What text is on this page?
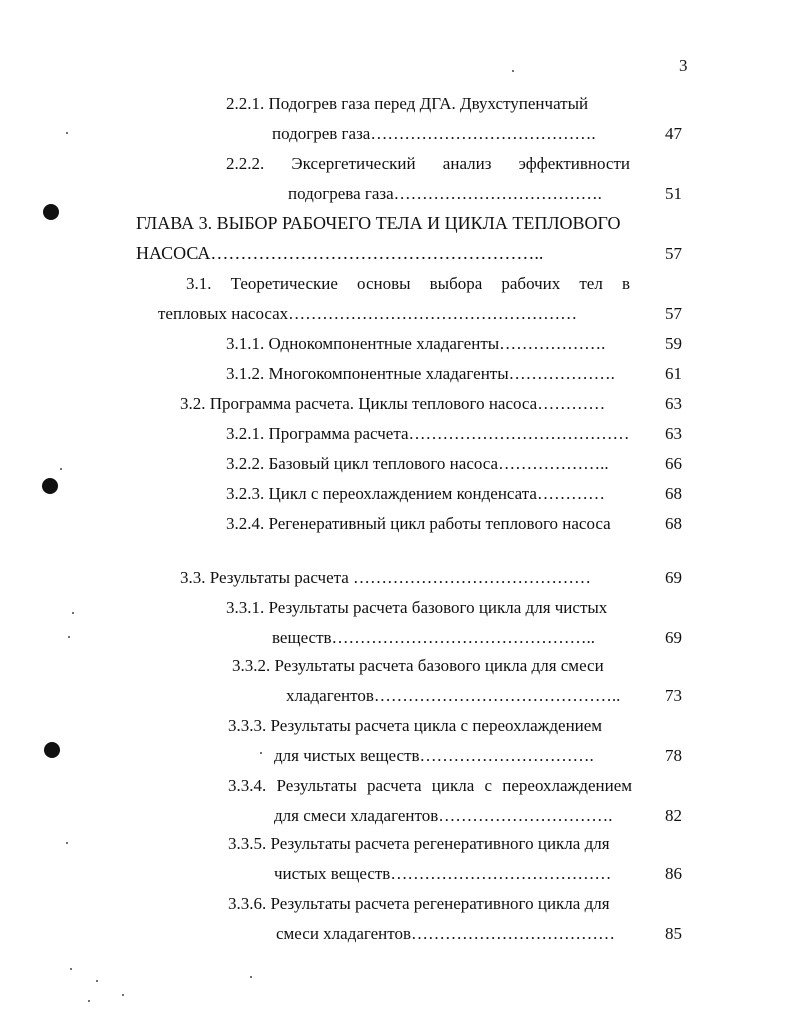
3
2.2.1. Подогрев газа перед ДГА. Двухступенчатый
подогрев газа………………………………….	47
2.2.2. Эксергетический анализ эффективности
подогрева газа……………………………….	51
ГЛАВА 3. ВЫБОР РАБОЧЕГО ТЕЛА И ЦИКЛА ТЕПЛОВОГО
НАСОСА………………………………………………..	57
3.1. Теоретические основы выбора рабочих тел в
тепловых насосах……………………………………………	57
3.1.1. Однокомпонентные хладагенты……………….	59
3.1.2. Многокомпонентные хладагенты……………….	61
3.2. Программа расчета. Циклы теплового насоса…………	63
3.2.1. Программа расчета…………………………………	63
3.2.2. Базовый цикл теплового насоса………………..	66
3.2.3. Цикл с переохлаждением конденсата…………	68
3.2.4. Регенеративный цикл работы теплового насоса	68
3.3. Результаты расчета ……………………………………	69
3.3.1. Результаты расчета базового цикла для чистых
веществ………………………………………..	69
3.3.2. Результаты расчета базового цикла для смеси
хладагентов……………………………………..	73
3.3.3. Результаты расчета цикла с переохлаждением
для чистых веществ………………………….	78
3.3.4. Результаты расчета цикла с переохлаждением
для смеси хладагентов………………………….	82
3.3.5. Результаты расчета регенеративного цикла для
чистых веществ…………………………………	86
3.3.6. Результаты расчета регенеративного цикла для
смеси хладагентов………………………………	85
